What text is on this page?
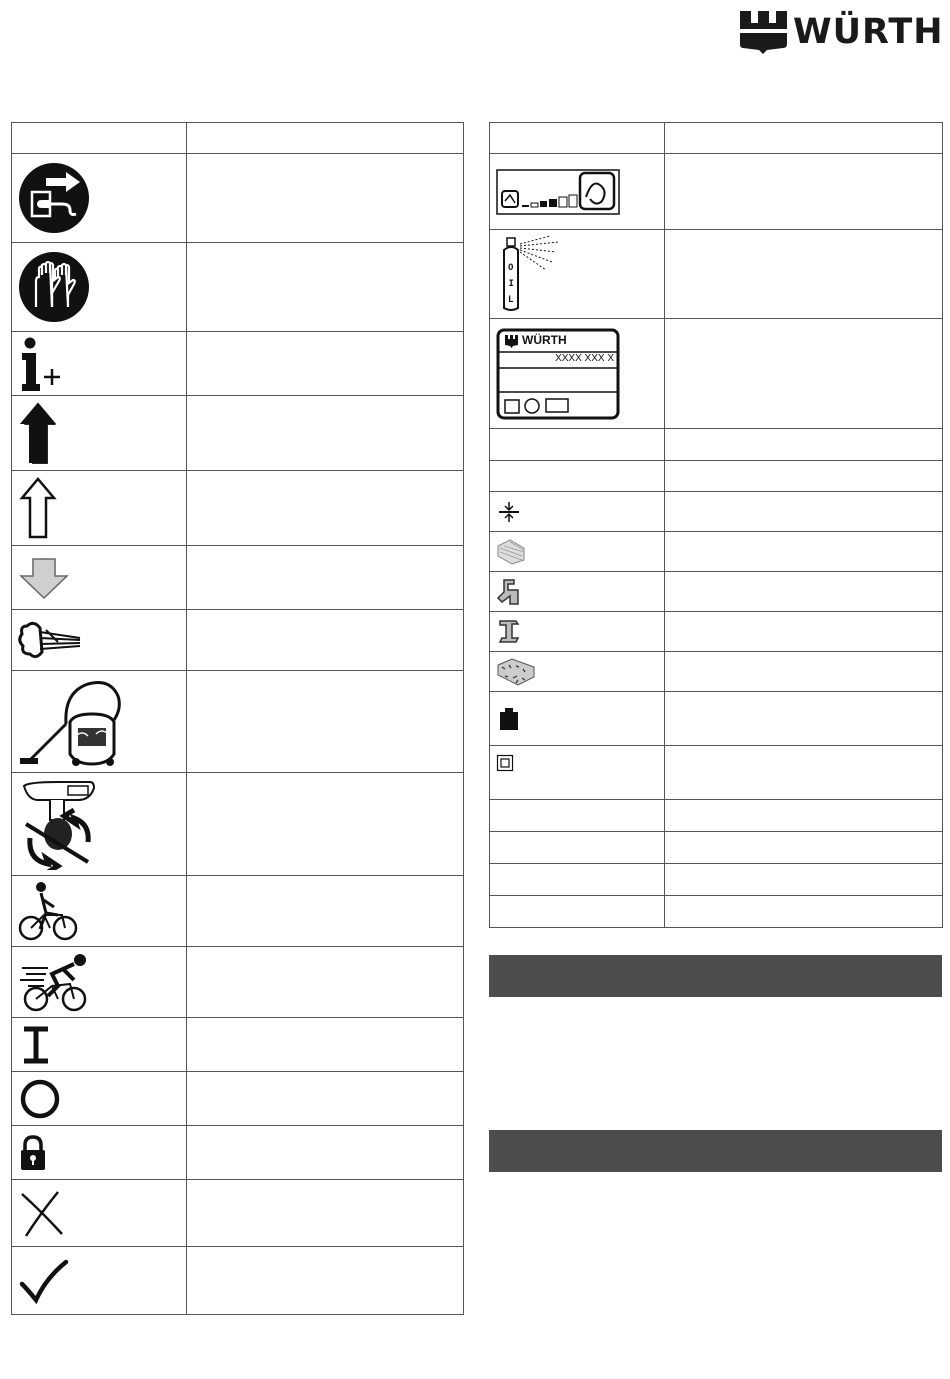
WÜRTH

O
I
L	

WÜRTH
XXXX XXX X	
